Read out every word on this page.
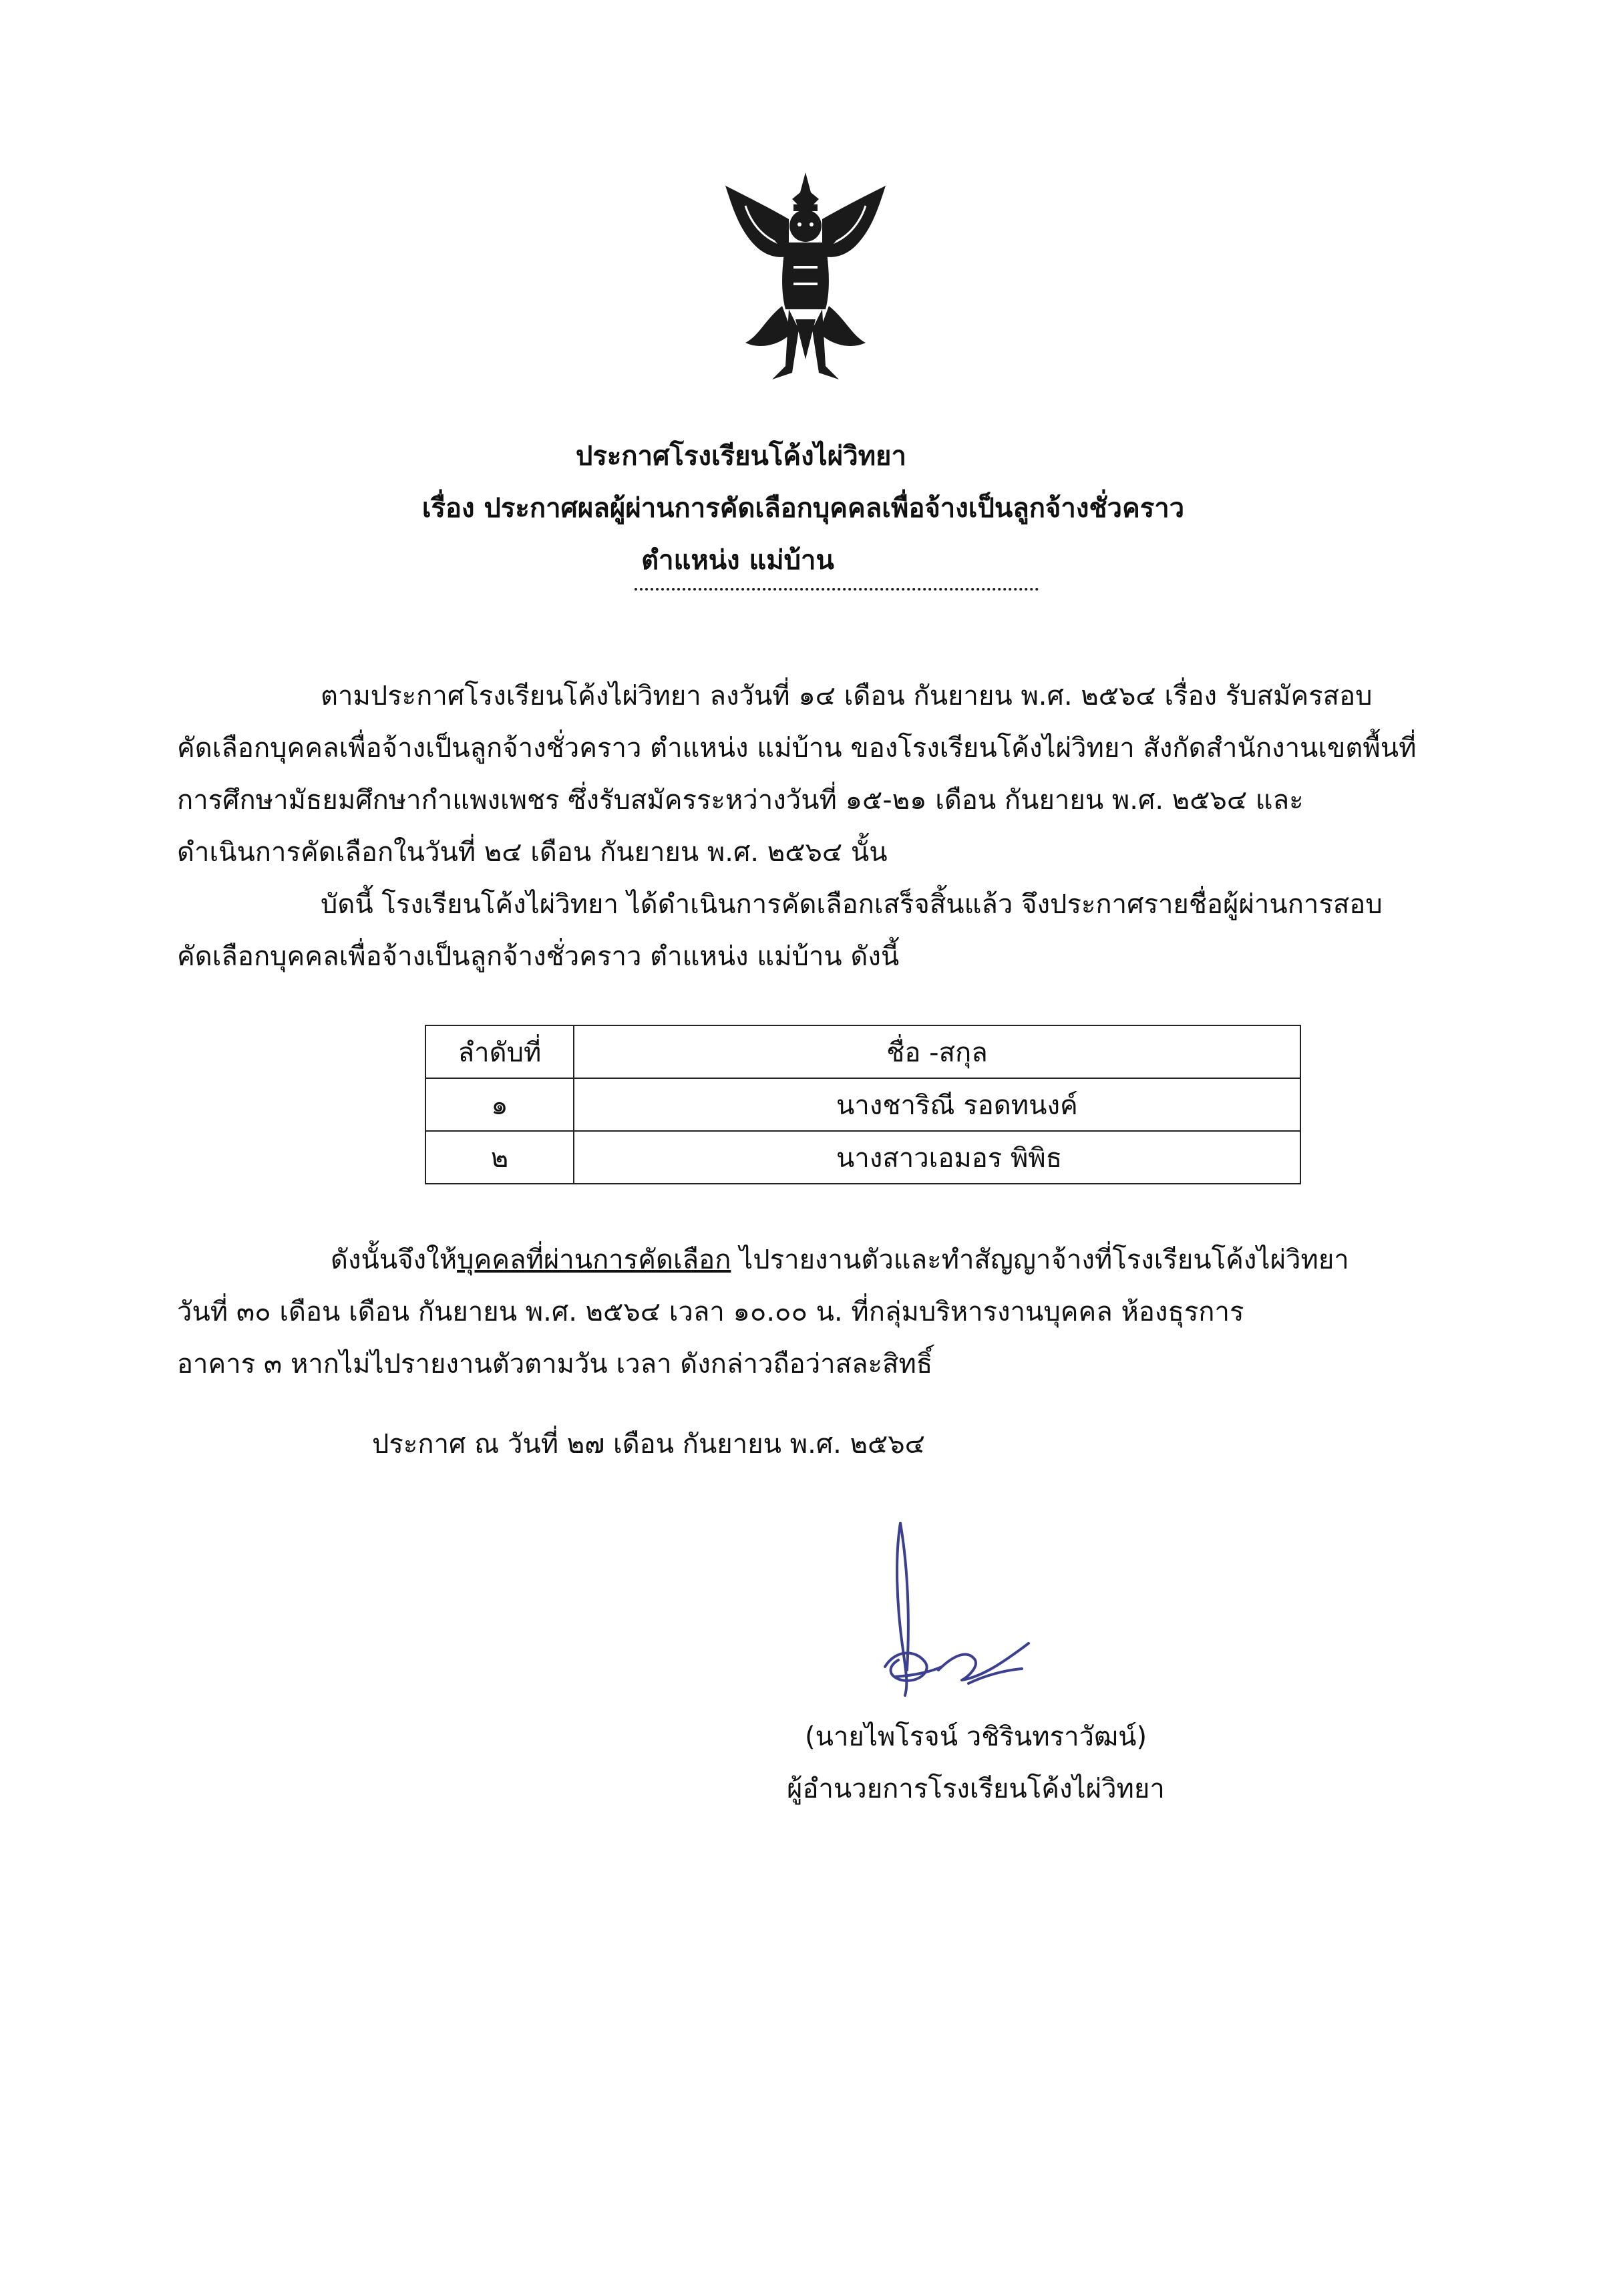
ประกาศโรงเรียนโค้งไผ่วิทยา
เรื่อง ประกาศผลผู้ผ่านการคัดเลือกบุคคลเพื่อจ้างเป็นลูกจ้างชั่วคราว
ตำแหน่ง แม่บ้าน
ตามประกาศโรงเรียนโค้งไผ่วิทยา ลงวันที่ ๑๔ เดือน กันยายน พ.ศ. ๒๕๖๔ เรื่อง รับสมัครสอบ
คัดเลือกบุคคลเพื่อจ้างเป็นลูกจ้างชั่วคราว ตำแหน่ง แม่บ้าน ของโรงเรียนโค้งไผ่วิทยา สังกัดสำนักงานเขตพื้นที่
การศึกษามัธยมศึกษากำแพงเพชร ซึ่งรับสมัครระหว่างวันที่ ๑๕-๒๑ เดือน กันยายน พ.ศ. ๒๕๖๔ และ
ดำเนินการคัดเลือกในวันที่ ๒๔ เดือน กันยายน พ.ศ. ๒๕๖๔ นั้น
บัดนี้ โรงเรียนโค้งไผ่วิทยา ได้ดำเนินการคัดเลือกเสร็จสิ้นแล้ว จึงประกาศรายชื่อผู้ผ่านการสอบ
คัดเลือกบุคคลเพื่อจ้างเป็นลูกจ้างชั่วคราว ตำแหน่ง แม่บ้าน ดังนี้
ลำดับที่	ชื่อ -สกุล
๑	นางชาริณี รอดทนงค์
๒	นางสาวเอมอร พิพิธ
ดังนั้นจึงให้บุคคลที่ผ่านการคัดเลือก ไปรายงานตัวและทำสัญญาจ้างที่โรงเรียนโค้งไผ่วิทยา
วันที่ ๓๐ เดือน เดือน กันยายน พ.ศ. ๒๕๖๔ เวลา ๑๐.๐๐ น. ที่กลุ่มบริหารงานบุคคล ห้องธุรการ
อาคาร ๓ หากไม่ไปรายงานตัวตามวัน เวลา ดังกล่าวถือว่าสละสิทธิ์
ประกาศ ณ วันที่ ๒๗ เดือน กันยายน พ.ศ. ๒๕๖๔
(นายไพโรจน์ วชิรินทราวัฒน์)
ผู้อำนวยการโรงเรียนโค้งไผ่วิทยา
